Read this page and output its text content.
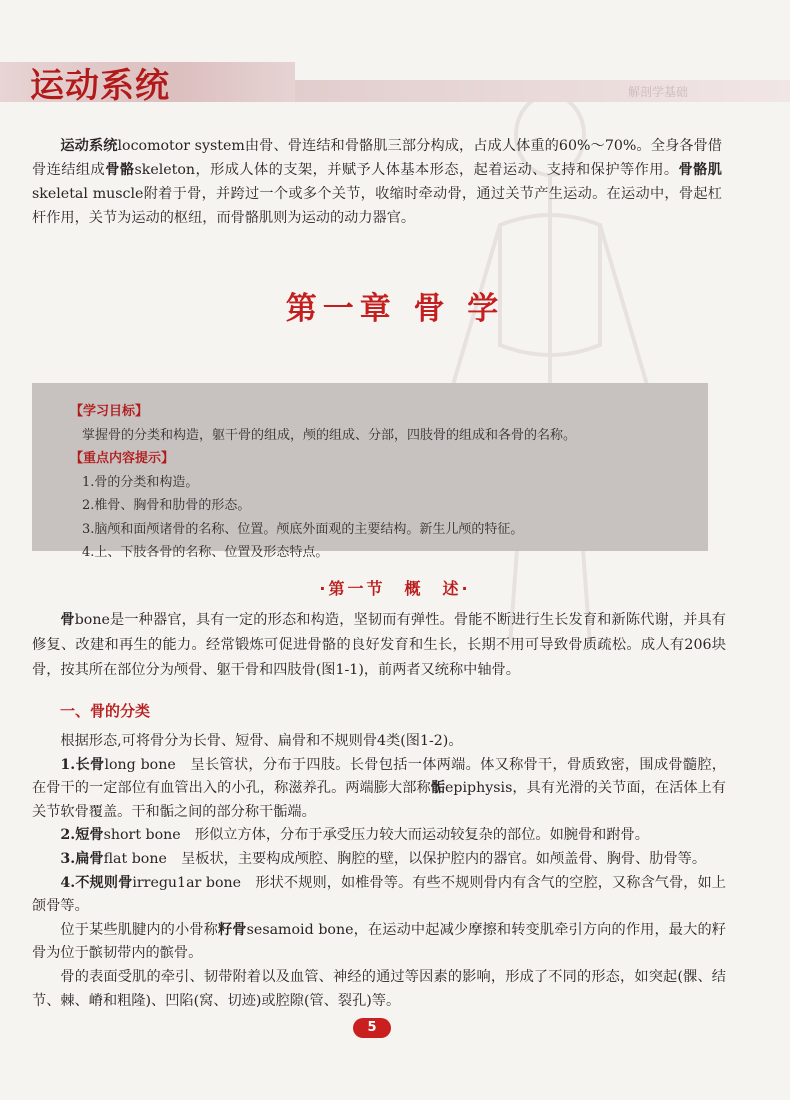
运动系统	解剖学基础

运动系统locomotor system由骨、骨连结和骨骼肌三部分构成，占成人体重的60%～70%。全身各骨借骨连结组成骨骼skeleton，形成人体的支架，并赋予人体基本形态，起着运动、支持和保护等作用。骨骼肌skeletal muscle附着于骨，并跨过一个或多个关节，收缩时牵动骨，通过关节产生运动。在运动中，骨起杠杆作用，关节为运动的枢纽，而骨骼肌则为运动的动力器官。

第一章 骨 学
【学习目标】
掌握骨的分类和构造，躯干骨的组成，颅的组成、分部，四肢骨的组成和各骨的名称。
【重点内容提示】
1.骨的分类和构造。
2.椎骨、胸骨和肋骨的形态。
3.脑颅和面颅诸骨的名称、位置。颅底外面观的主要结构。新生儿颅的特征。
4.上、下肢各骨的名称、位置及形态特点。
·第一节　概　述·

骨bone是一种器官，具有一定的形态和构造，坚韧而有弹性。骨能不断进行生长发育和新陈代谢，并具有修复、改建和再生的能力。经常锻炼可促进骨骼的良好发育和生长，长期不用可导致骨质疏松。成人有206块骨，按其所在部位分为颅骨、躯干骨和四肢骨(图1-1)，前两者又统称中轴骨。

一、骨的分类

根据形态,可将骨分为长骨、短骨、扁骨和不规则骨4类(图1-2)。

1.长骨long bone　呈长管状，分布于四肢。长骨包括一体两端。体又称骨干，骨质致密，围成骨髓腔，在骨干的一定部位有血管出入的小孔，称滋养孔。两端膨大部称骺epiphysis，具有光滑的关节面，在活体上有关节软骨覆盖。干和骺之间的部分称干骺端。

2.短骨short bone　形似立方体，分布于承受压力较大而运动较复杂的部位。如腕骨和跗骨。

3.扁骨flat bone　呈板状，主要构成颅腔、胸腔的壁，以保护腔内的器官。如颅盖骨、胸骨、肋骨等。

4.不规则骨irregu1ar bone　形状不规则，如椎骨等。有些不规则骨内有含气的空腔，又称含气骨，如上颌骨等。

位于某些肌腱内的小骨称籽骨sesamoid bone，在运动中起减少摩擦和转变肌牵引方向的作用，最大的籽骨为位于髌韧带内的髌骨。

骨的表面受肌的牵引、韧带附着以及血管、神经的通过等因素的影响，形成了不同的形态，如突起(髁、结节、棘、嵴和粗隆)、凹陷(窝、切迹)或腔隙(管、裂孔)等。

5
